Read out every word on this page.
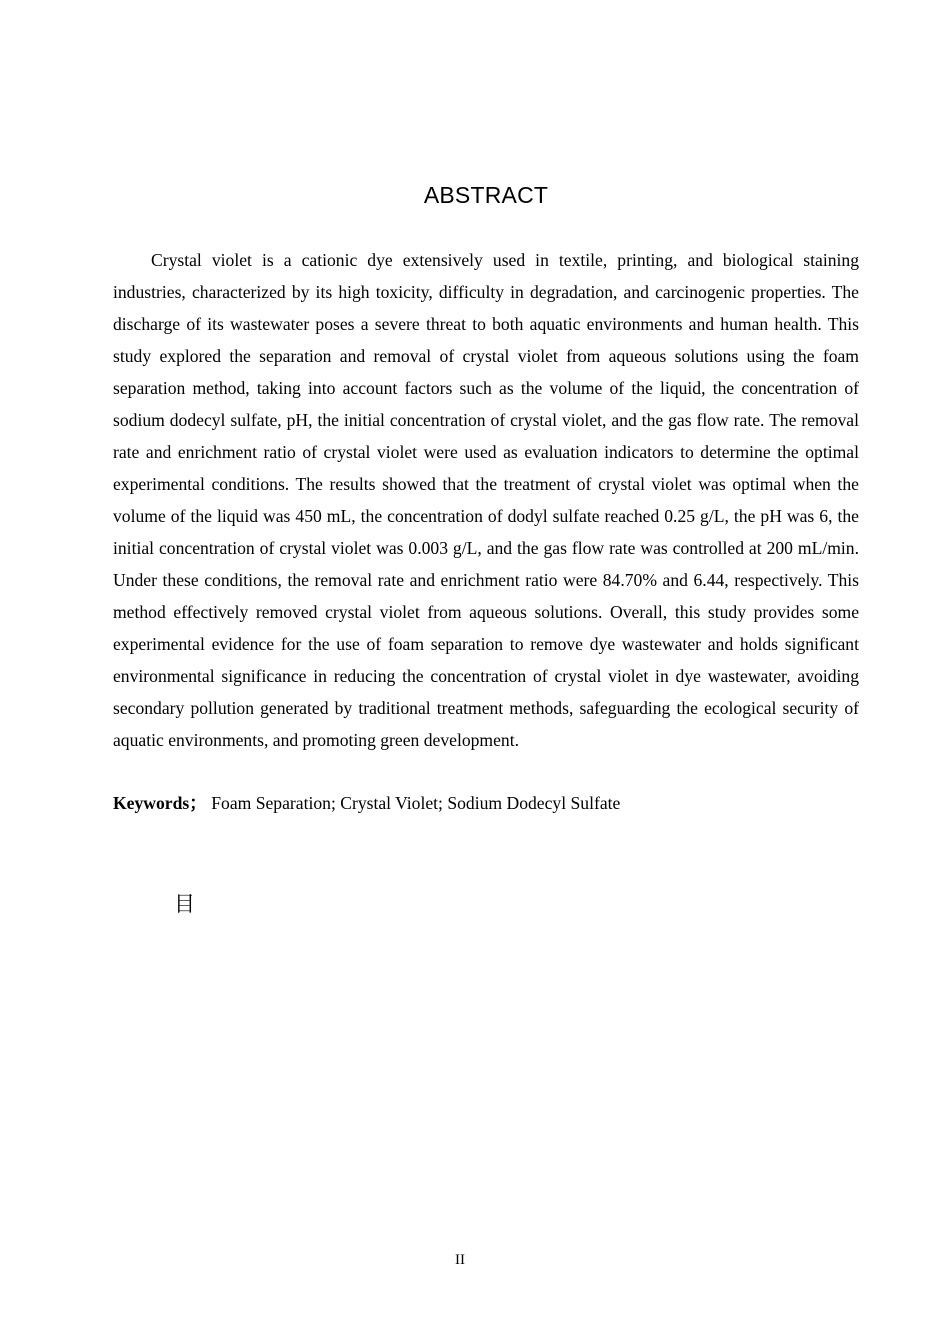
ABSTRACT

Crystal violet is a cationic dye extensively used in textile, printing, and biological staining industries, characterized by its high toxicity, difficulty in degradation, and carcinogenic properties. The discharge of its wastewater poses a severe threat to both aquatic environments and human health. This study explored the separation and removal of crystal violet from aqueous solutions using the foam separation method, taking into account factors such as the volume of the liquid, the concentration of sodium dodecyl sulfate, pH, the initial concentration of crystal violet, and the gas flow rate. The removal rate and enrichment ratio of crystal violet were used as evaluation indicators to determine the optimal experimental conditions. The results showed that the treatment of crystal violet was optimal when the volume of the liquid was 450 mL, the concentration of dodyl sulfate reached 0.25 g/L, the pH was 6, the initial concentration of crystal violet was 0.003 g/L, and the gas flow rate was controlled at 200 mL/min. Under these conditions, the removal rate and enrichment ratio were 84.70% and 6.44, respectively. This method effectively removed crystal violet from aqueous solutions. Overall, this study provides some experimental evidence for the use of foam separation to remove dye wastewater and holds significant environmental significance in reducing the concentration of crystal violet in dye wastewater, avoiding secondary pollution generated by traditional treatment methods, safeguarding the ecological security of aquatic environments, and promoting green development.

Keywords； Foam Separation; Crystal Violet; Sodium Dodecyl Sulfate

目
II
